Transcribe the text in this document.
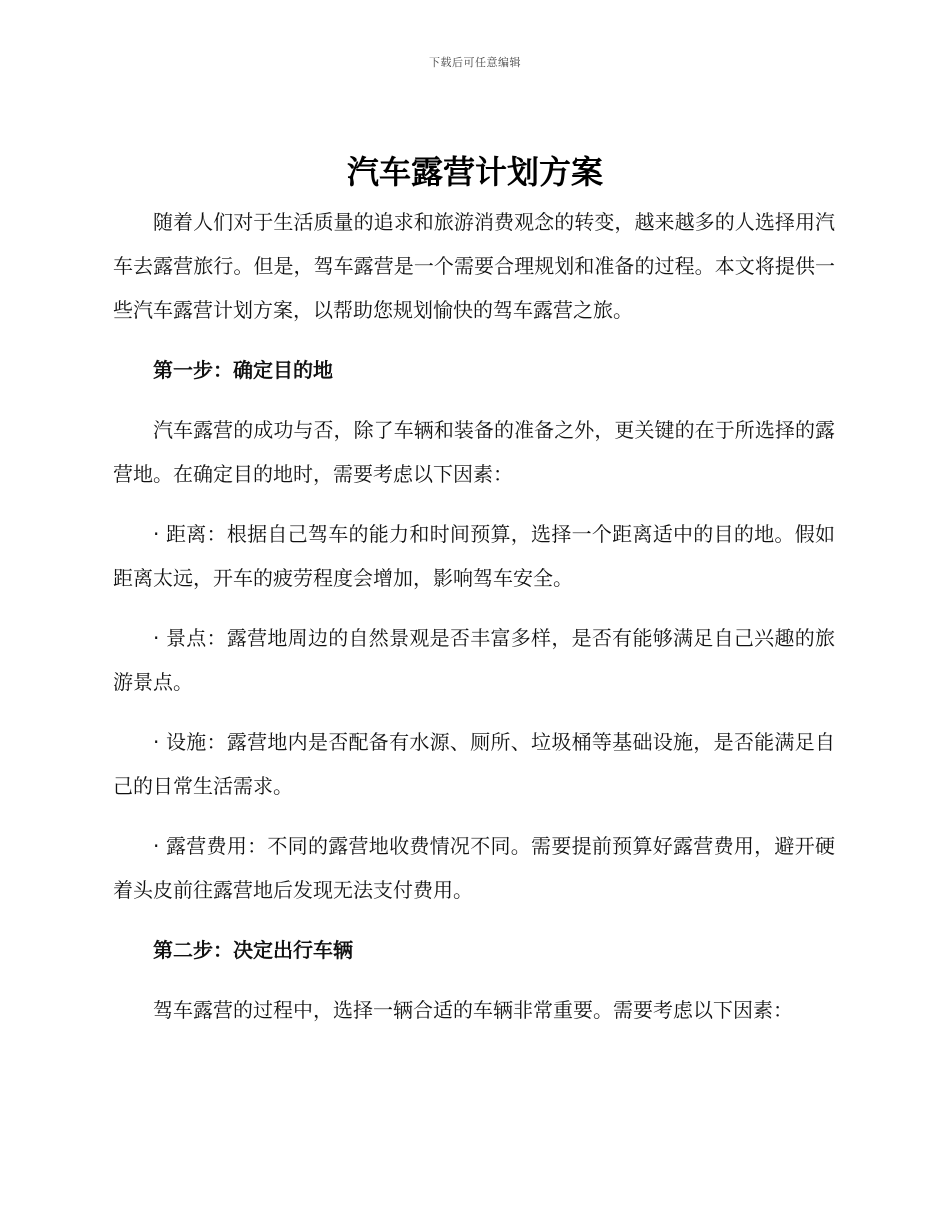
下载后可任意编辑
汽车露营计划方案

随着人们对于生活质量的追求和旅游消费观念的转变，越来越多的人选择用汽车去露营旅行。但是，驾车露营是一个需要合理规划和准备的过程。本文将提供一些汽车露营计划方案，以帮助您规划愉快的驾车露营之旅。

第一步：确定目的地

汽车露营的成功与否，除了车辆和装备的准备之外，更关键的在于所选择的露营地。在确定目的地时，需要考虑以下因素：

· 距离：根据自己驾车的能力和时间预算，选择一个距离适中的目的地。假如距离太远，开车的疲劳程度会增加，影响驾车安全。

· 景点：露营地周边的自然景观是否丰富多样，是否有能够满足自己兴趣的旅游景点。

· 设施：露营地内是否配备有水源、厕所、垃圾桶等基础设施，是否能满足自己的日常生活需求。

· 露营费用：不同的露营地收费情况不同。需要提前预算好露营费用，避开硬着头皮前往露营地后发现无法支付费用。

第二步：决定出行车辆

驾车露营的过程中，选择一辆合适的车辆非常重要。需要考虑以下因素：
